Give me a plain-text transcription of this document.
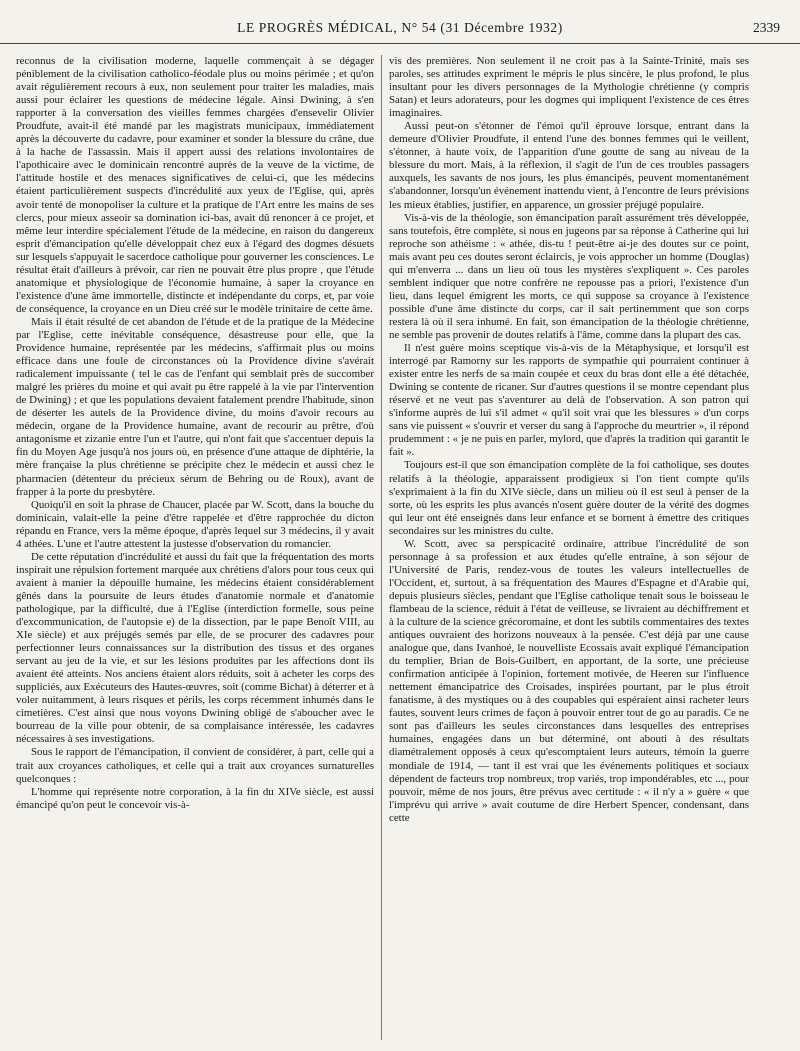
LE PROGRÈS MÉDICAL, N° 54 (31 Décembre 1932)	2339

reconnus de la civilisation moderne, laquelle commençait à se dégager péniblement de la civilisation catholico-féodale plus ou moins périmée ; et qu'on avait régulièrement recours à eux, non seulement pour traiter les maladies, mais aussi pour éclairer les questions de médecine légale. Ainsi Dwining, à s'en rapporter à la conversation des vieilles femmes chargées d'ensevelir Olivier Proudfute, avait-il été mandé par les magistrats municipaux, immédiatement après la découverte du cadavre, pour examiner et sonder la blessure du crâne, due à la hache de l'assassin. Mais il appert aussi des relations involontaires de l'apothicaire avec le dominicain rencontré auprès de la veuve de la victime, de l'attitude hostile et des menaces significatives de celui-ci, que les médecins étaient particulièrement suspects d'incrédulité aux yeux de l'Eglise, qui, après avoir tenté de monopoliser la culture et la pratique de l'Art entre les mains de ses clercs, pour mieux asseoir sa domination ici-bas, avait dû renoncer à ce projet, et même leur interdire spécialement l'étude de la médecine, en raison du dangereux esprit d'émancipation qu'elle développait chez eux à l'égard des dogmes désuets sur lesquels s'appuyait le sacerdoce catholique pour gouverner les consciences. Le résultat était d'ailleurs à prévoir, car rien ne pouvait être plus propre , que l'étude anatomique et physiologique de l'économie humaine, à saper la croyance en l'existence d'une âme immortelle, distincte et indépendante du corps, et, par voie de conséquence, la croyance en un Dieu créé sur le modèle trinitaire de cette âme.

Mais il était résulté de cet abandon de l'étude et de la pratique de la Médecine par l'Eglise, cette inévitable conséquence, désastreuse pour elle, que la Providence humaine, représentée par les médecins, s'affirmait plus ou moins efficace dans une foule de circonstances où la Providence divine s'avérait radicalement impuissante ( tel le cas de l'enfant qui semblait près de succomber malgré les prières du moine et qui avait pu être rappelé à la vie par l'intervention de Dwining) ; et que les populations devaient fatalement prendre l'habitude, sinon de déserter les autels de la Providence divine, du moins d'avoir recours au médecin, organe de la Providence humaine, avant de recourir au prêtre, d'où antagonisme et zizanie entre l'un et l'autre, qui n'ont fait que s'accentuer depuis la fin du Moyen Age jusqu'à nos jours où, en présence d'une attaque de diphtérie, la mère française la plus chrétienne se précipite chez le médecin et aussi chez le pharmacien (détenteur du précieux sérum de Behring ou de Roux), avant de frapper à la porte du presbytère.

Quoiqu'il en soit la phrase de Chaucer, placée par W. Scott, dans la bouche du dominicain, valait-elle la peine d'être rappelée et d'être rapprochée du dicton répandu en France, vers la même époque, d'après lequel sur 3 médecins, il y avait 4 athées. L'une et l'autre attestent la justesse d'observation du romancier.

De cette réputation d'incrédulité et aussi du fait que la fréquentation des morts inspirait une répulsion fortement marquée aux chrétiens d'alors pour tous ceux qui avaient à manier la dépouille humaine, les médecins étaient considérablement gênés dans la poursuite de leurs études d'anatomie normale et d'anatomie pathologique, par la difficulté, due à l'Eglise (interdiction formelle, sous peine d'excommunication, de l'autopsie e) de la dissection, par le pape Benoît VIII, au XIe siècle) et aux préjugés semés par elle, de se procurer des cadavres pour perfectionner leurs connaissances sur la distribution des tissus et des organes servant au jeu de la vie, et sur les lésions produites par les affections dont ils avaient été atteints. Nos anciens étaient alors réduits, soit à acheter les corps des suppliciés, aux Exécuteurs des Hautes-œuvres, soit (comme Bichat) à déterrer et à voler nuitamment, à leurs risques et périls, les corps récemment inhumés dans le cimetières. C'est ainsi que nous voyons Dwining obligé de s'aboucher avec le bourreau de la ville pour obtenir, de sa complaisance intéressée, les cadavres nécessaires à ses investigations.

Sous le rapport de l'émancipation, il convient de considérer, à part, celle qui a trait aux croyances catholiques, et celle qui a trait aux croyances surnaturelles quelconques :

L'homme qui représente notre corporation, à la fin du XIVe siècle, est aussi émancipé qu'on peut le concevoir vis-à-

vis des premières. Non seulement il ne croit pas à la Sainte-Trinité, mais ses paroles, ses attitudes expriment le mépris le plus sincère, le plus profond, le plus insultant pour les divers personnages de la Mythologie chrétienne (y compris Satan) et leurs adorateurs, pour les dogmes qui impliquent l'existence de ces êtres imaginaires.

Aussi peut-on s'étonner de l'émoi qu'il éprouve lorsque, entrant dans la demeure d'Olivier Proudfute, il entend l'une des bonnes femmes qui le veillent, s'étonner, à haute voix, de l'apparition d'une goutte de sang au niveau de la blessure du mort. Mais, à la réflexion, il s'agit de l'un de ces troubles passagers auxquels, les savants de nos jours, les plus émancipés, peuvent momentanément s'abandonner, lorsqu'un événement inattendu vient, à l'encontre de leurs prévisions les mieux établies, justifier, en apparence, un grossier préjugé populaire.

Vis-à-vis de la théologie, son émancipation paraît assurément très développée, sans toutefois, être complète, si nous en jugeons par sa réponse à Catherine qui lui reproche son athéisme : « athée, dis-tu ! peut-être ai-je des doutes sur ce point, mais avant peu ces doutes seront éclaircis, je vois approcher un homme (Douglas) qui m'enverra ... dans un lieu où tous les mystères s'expliquent ». Ces paroles semblent indiquer que notre confrère ne repousse pas a priori, l'existence d'un lieu, dans lequel émigrent les morts, ce qui suppose sa croyance à l'existence possible d'une âme distincte du corps, car il sait pertinemment que son corps restera là où il sera inhumé. En fait, son émancipation de la théologie chrétienne, ne semble pas provenir de doutes relatifs à l'âme, comme dans la plupart des cas.

Il n'est guère moins sceptique vis-à-vis de la Métaphysique, et lorsqu'il est interrogé par Ramorny sur les rapports de sympathie qui pourraient continuer à exister entre les nerfs de sa main coupée et ceux du bras dont elle a été détachée, Dwining se contente de ricaner. Sur d'autres questions il se montre cependant plus réservé et ne veut pas s'aventurer au delà de l'observation. A son patron qui s'informe auprès de lui s'il admet « qu'il soit vrai que les blessures » d'un corps sans vie puissent « s'ouvrir et verser du sang à l'approche du meurtrier », il répond prudemment : « je ne puis en parler, mylord, que d'après la tradition qui garantit le fait ».

Toujours est-il que son émancipation complète de la foi catholique, ses doutes relatifs à la théologie, apparaissent prodigieux si l'on tient compte qu'ils s'exprimaient à la fin du XIVe siècle, dans un milieu où il est seul à penser de la sorte, où les esprits les plus avancés n'osent guère douter de la vérité des dogmes qui leur ont été enseignés dans leur enfance et se bornent à émettre des critiques secondaires sur les ministres du culte.

W. Scott, avec sa perspicacité ordinaire, attribue l'incrédulité de son personnage à sa profession et aux études qu'elle entraîne, à son séjour de l'Université de Paris, rendez-vous de toutes les valeurs intellectuelles de l'Occident, et, surtout, à sa fréquentation des Maures d'Espagne et d'Arabie qui, depuis plusieurs siècles, pendant que l'Eglise catholique tenait sous le boisseau le flambeau de la science, réduit à l'état de veilleuse, se livraient au déchiffrement et à la culture de la science grécoromaine, et dont les subtils commentaires des textes antiques ouvraient des horizons nouveaux à la pensée. C'est déjà par une cause analogue que, dans Ivanhoé, le nouvelliste Ecossais avait expliqué l'émancipation du templier, Brian de Bois-Guilbert, en apportant, de la sorte, une précieuse confirmation anticipée à l'opinion, fortement motivée, de Heeren sur l'influence nettement émancipatrice des Croisades, inspirées pourtant, par le plus étroit fanatisme, à des mystiques ou à des coupables qui espéraient ainsi racheter leurs fautes, souvent leurs crimes de façon à pouvoir entrer tout de go au paradis. Ce ne sont pas d'ailleurs les seules circonstances dans lesquelles des entreprises humaines, engagées dans un but déterminé, ont abouti à des résultats diamétralement opposés à ceux qu'escomptaient leurs auteurs, témoin la guerre mondiale de 1914, — tant il est vrai que les événements politiques et sociaux dépendent de facteurs trop nombreux, trop variés, trop impondérables, etc ..., pour pouvoir, même de nos jours, être prévus avec certitude : « il n'y a » guère « que l'imprévu qui arrive » avait coutume de dire Herbert Spencer, condensant, dans cette
